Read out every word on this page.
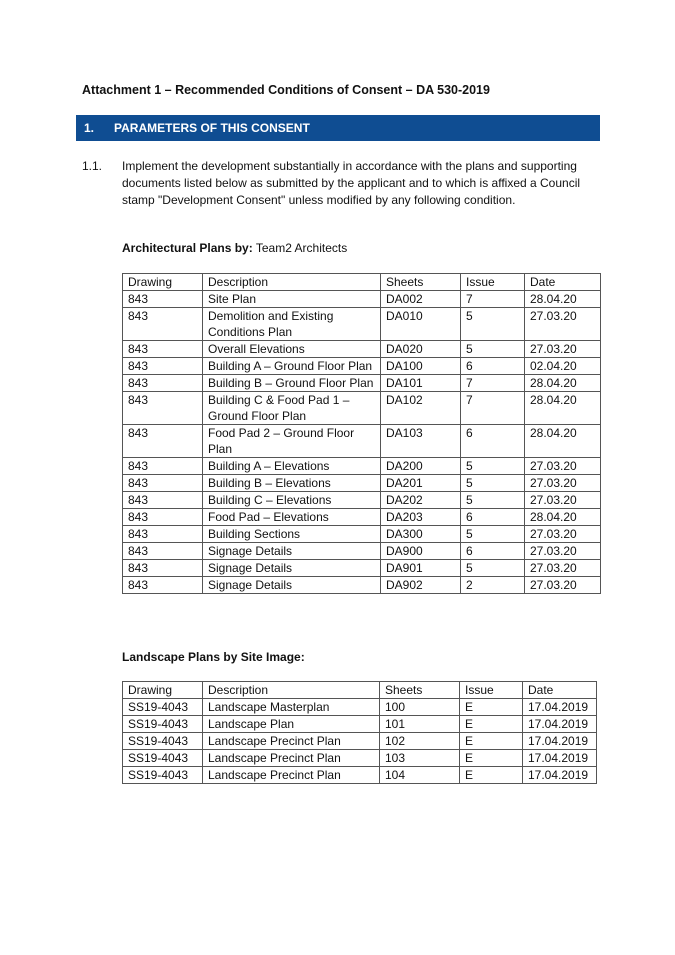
Attachment 1 – Recommended Conditions of Consent – DA 530-2019
1. PARAMETERS OF THIS CONSENT
1.1. Implement the development substantially in accordance with the plans and supporting documents listed below as submitted by the applicant and to which is affixed a Council stamp "Development Consent" unless modified by any following condition.
Architectural Plans by: Team2 Architects
Drawing	Description	Sheets	Issue	Date
843	Site Plan	DA002	7	28.04.20
843	Demolition and Existing Conditions Plan	DA010	5	27.03.20
843	Overall Elevations	DA020	5	27.03.20
843	Building A – Ground Floor Plan	DA100	6	02.04.20
843	Building B – Ground Floor Plan	DA101	7	28.04.20
843	Building C & Food Pad 1 – Ground Floor Plan	DA102	7	28.04.20
843	Food Pad 2 – Ground Floor Plan	DA103	6	28.04.20
843	Building A – Elevations	DA200	5	27.03.20
843	Building B – Elevations	DA201	5	27.03.20
843	Building C – Elevations	DA202	5	27.03.20
843	Food Pad – Elevations	DA203	6	28.04.20
843	Building Sections	DA300	5	27.03.20
843	Signage Details	DA900	6	27.03.20
843	Signage Details	DA901	5	27.03.20
843	Signage Details	DA902	2	27.03.20
Landscape Plans by Site Image:
Drawing	Description	Sheets	Issue	Date
SS19-4043	Landscape Masterplan	100	E	17.04.2019
SS19-4043	Landscape Plan	101	E	17.04.2019
SS19-4043	Landscape Precinct Plan	102	E	17.04.2019
SS19-4043	Landscape Precinct Plan	103	E	17.04.2019
SS19-4043	Landscape Precinct Plan	104	E	17.04.2019
